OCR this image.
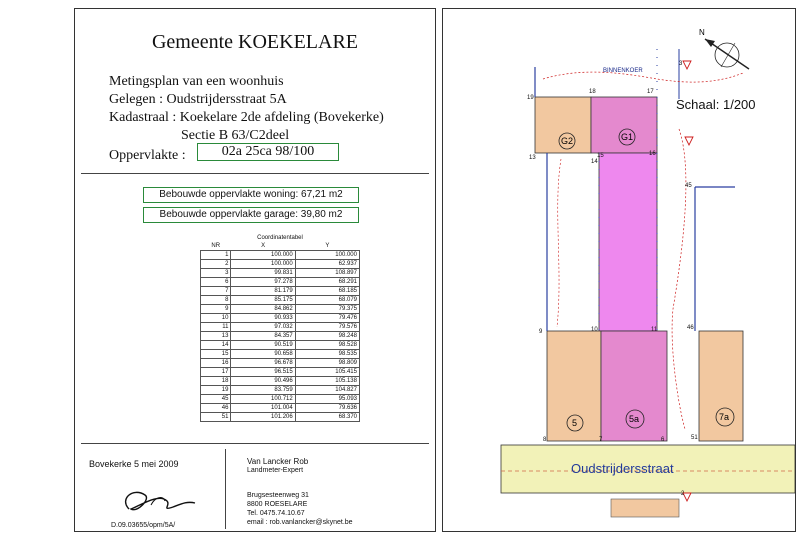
Gemeente KOEKELARE
Metingsplan van een woonhuis
Gelegen : Oudstrijdersstraat 5A
Kadastraal : Koekelare 2de afdeling (Bovekerke)
Sectie B 63/C2deel
Oppervlakte :	02a 25ca 98/100
Bebouwde oppervlakte woning: 67,21 m2
Bebouwde oppervlakte garage: 39,80 m2
Coordinatentabel
NR	X	Y
1	100.000	100.000
2	100.000	62.937
3	99.831	108.897
6	97.278	68.291
7	81.179	68.185
8	85.175	68.079
9	84.862	79.375
10	90.933	79.476
11	97.032	79.576
13	84.357	98.248
14	90.519	98.528
15	90.658	98.535
16	96.678	98.809
17	96.515	105.415
18	90.496	105.138
19	83.759	104.827
45	100.712	95.093
46	101.004	79.636
51	101.206	68.370
Bovekerke 5 mei 2009
D.09.03655/opm/5A/
Van Lancker Rob
Landmeter-Expert
Brugsesteenweg 31
8800 ROESELARE
Tel. 0475.74.10.67
email : rob.vanlancker@skynet.be
N
G2	G1
5	5a	7a
19
18	17
13	15	16
14
45
9	10	11	46
8	7	6	51
3
2
BINNENKOER
Schaal: 1/200
Oudstrijdersstraat
